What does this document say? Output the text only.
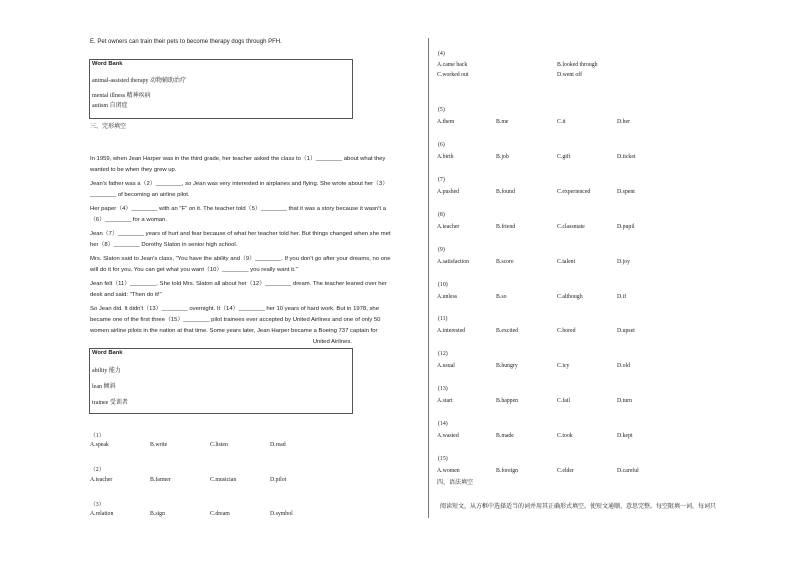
E. Pet owners can train their pets to become therapy dogs through PFH.
Word Bank
animal-assisted therapy 动物辅助治疗
mental illness 精神疾病
autism 自闭症
三、完形填空
In 1959, when Jean Harper was in the third grade, her teacher asked the class to（1）________ about what they
wanted to be when they grew up.
Jean's father was a（2）________, so Jean was very interested in airplanes and flying. She wrote about her（3）
________ of becoming an airline pilot.
Her paper（4）________ with an "F" on it. The teacher told（5）________ that it was a story because it wasn't a
（6）________ for a woman.
Jean（7）________ years of hurt and fear because of what her teacher told her. But things changed when she met
her（8）________ Dorothy Slaton in senior high school.
Mrs. Slaton said to Jean's class, "You have the ability and（9）________. If you don't go after your dreams, no one
will do it for you. You can get what you want（10）________ you really want it."
Jean felt（11）________. She told Mrs. Slaton all about her（12）________ dream. The teacher leaned over her
desk and said: "Then do it!"
So Jean did. It didn't（13）________ overnight. It（14）________ her 10 years of hard work. But in 1978, she
became one of the first three（15）________ pilot trainees ever accepted by United Airlines and one of only 50
women airline pilots in the nation at that time. Some years later, Jean Harper became a Boeing 737 captain for
United Airlines.
Word Bank
ability 能力
lean 倾斜
trainee 受训者
（1）
A.speak	B.write	C.listen	D.read
（2）
A.teacher	B.farmer	C.musician	D.pilot
（3）
A.relation	B.sign	C.dream	D.symbol
(4)
A.came back	B.looked through
C.worked out	D.went off
(5)
A.them	B.me	C.it	D.her
(6)
A.birth	B.job	C.gift	D.ticket
(7)
A.pushed	B.found	C.experienced	D.spent
(8)
A.teacher	B.friend	C.classmate	D.pupil
(9)
A.satisfaction	B.score	C.talent	D.joy
(10)
A.unless	B.so	C.although	D.if
(11)
A.interested	B.excited	C.bored	D.upset
(12)
A.usual	B.hungry	C.icy	D.old
(13)
A.start	B.happen	C.fail	D.turn
(14)
A.wasted	B.made	C.took	D.kept
(15)
A.women	B.foreign	C.elder	D.careful
四、语法填空
阅读短文，从方框中选择适当的词并用其正确形式填空。使短文通顺、意思完整。每空限填一词，每词只
